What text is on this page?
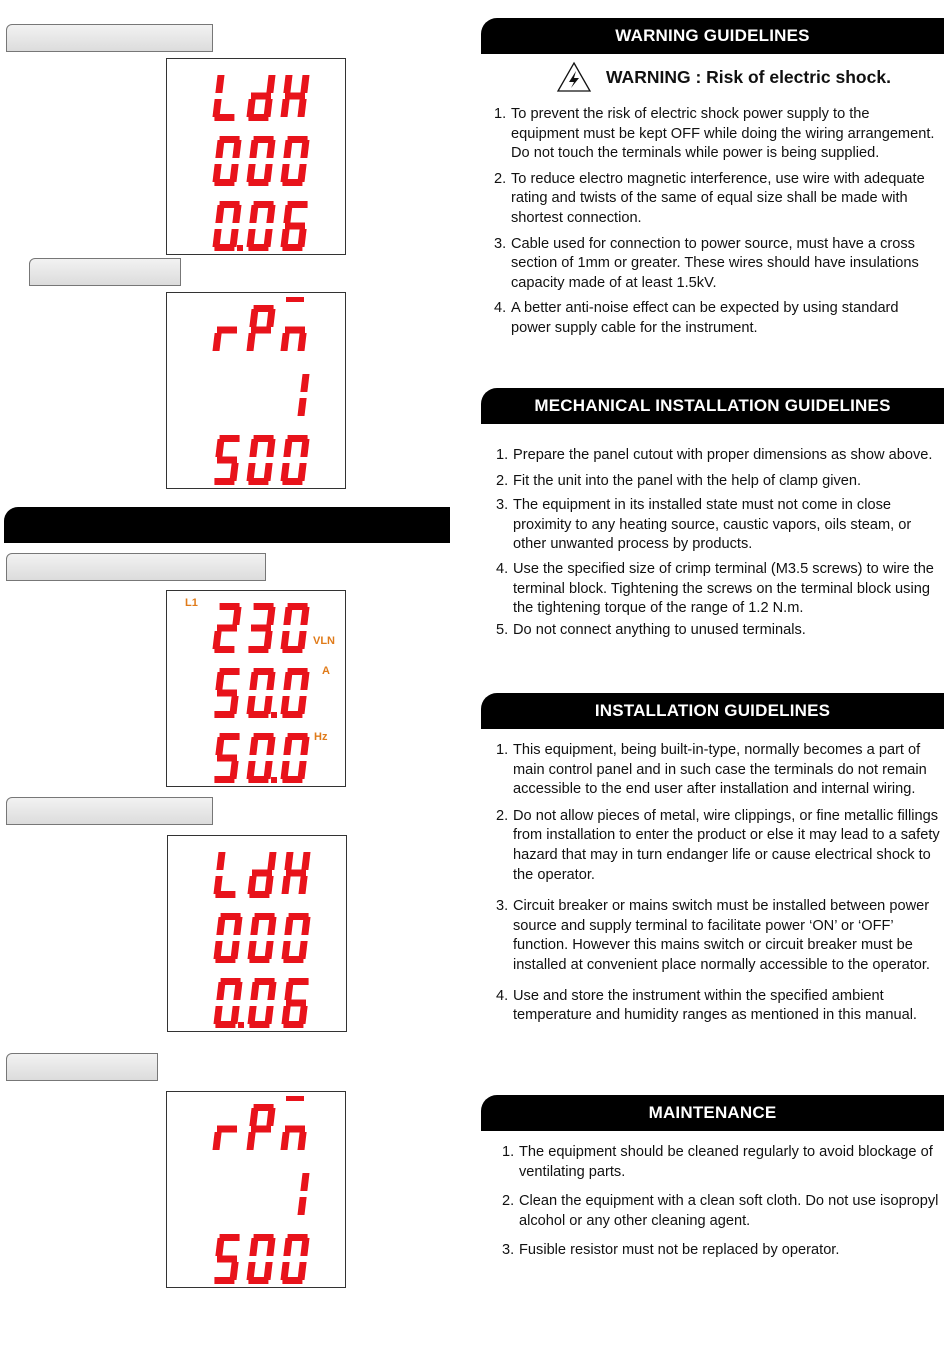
L1
VLN
A
Hz
WARNING GUIDELINES
WARNING : Risk of electric shock.
1. To prevent the risk of electric shock power supply to the equipment must be kept OFF while doing the wiring arrangement. Do not touch the terminals while power is being supplied.
2. To reduce electro magnetic interference, use wire with adequate rating and twists of the same of equal size shall be made with shortest connection.
3. Cable used for connection to power source, must have a cross section of 1mm or greater. These wires should have insulations capacity made of at least 1.5kV.
4. A better anti-noise effect can be expected by using standard power supply cable for the instrument.
MECHANICAL INSTALLATION GUIDELINES
1. Prepare the panel cutout with proper dimensions as show above.
2. Fit the unit into the panel with the help of clamp given.
3. The equipment in its installed state must not come in close proximity to any heating source, caustic vapors, oils steam, or other unwanted process by products.
4. Use the specified size of crimp terminal (M3.5 screws) to wire the terminal block. Tightening the screws on the terminal block using the tightening torque of the range of 1.2 N.m.
5. Do not connect anything to unused terminals.
INSTALLATION GUIDELINES
1. This equipment, being built-in-type, normally becomes a part of main control panel and in such case the terminals do not remain accessible to the end user after installation and internal wiring.
2. Do not allow pieces of metal, wire clippings, or fine metallic fillings from installation to enter the product or else it may lead to a safety hazard that may in turn endanger life or cause electrical shock to the operator.
3. Circuit breaker or mains switch must be installed between power source and supply terminal to facilitate power ‘ON’ or ‘OFF’ function. However this mains switch or circuit breaker must be installed at convenient place normally accessible to the operator.
4. Use and store the instrument within the specified ambient temperature and humidity ranges as mentioned in this manual.
MAINTENANCE
1. The equipment should be cleaned regularly to avoid blockage of ventilating parts.
2. Clean the equipment with a clean soft cloth. Do not use isopropyl alcohol or any other cleaning agent.
3. Fusible resistor must not be replaced by operator.
